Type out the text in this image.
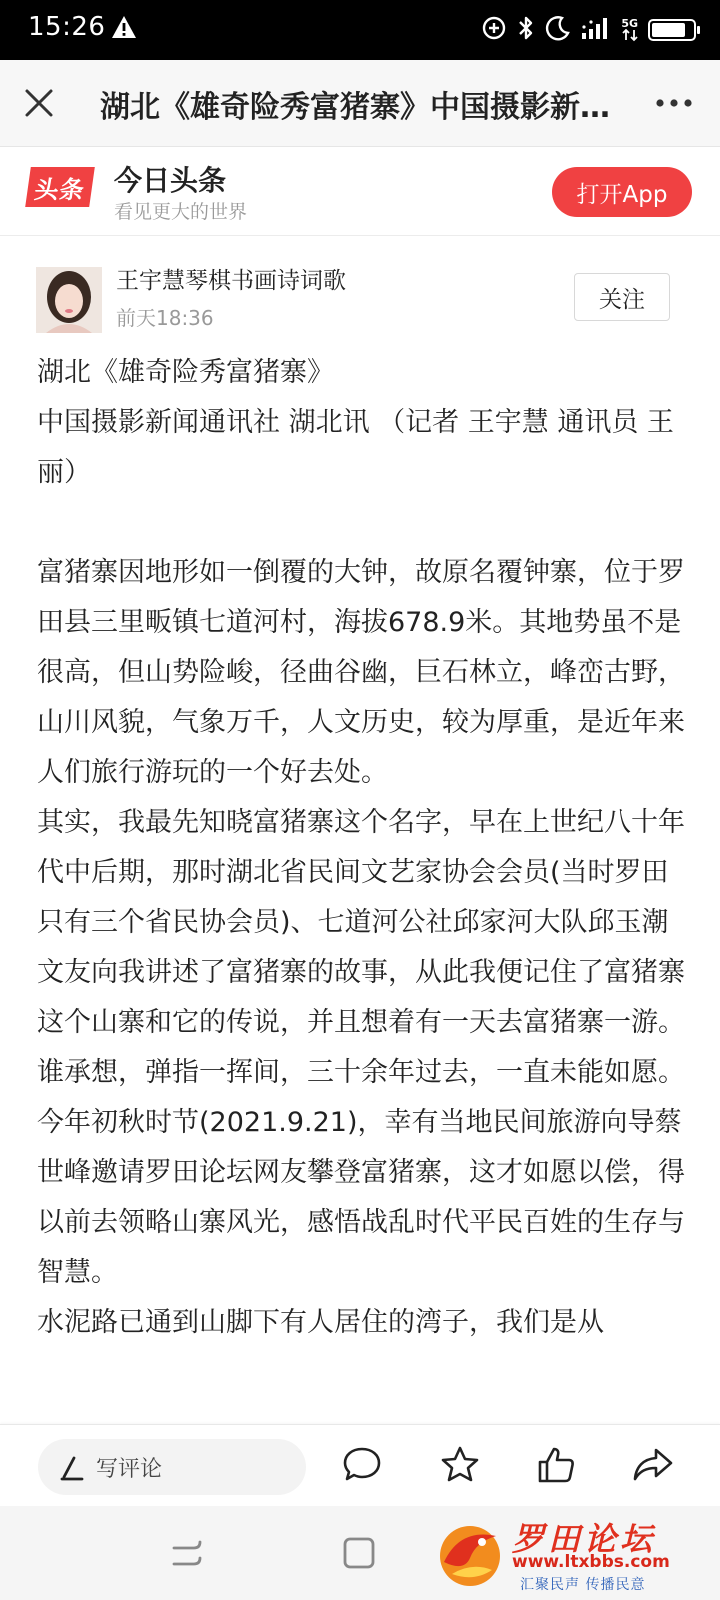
15:26	5G

湖北《雄奇险秀富猪寨》中国摄影新…
头条 今日头条
看见更大的世界
打开App
王宇慧琴棋书画诗词歌
前天18:36
关注

湖北《雄奇险秀富猪寨》

中国摄影新闻通讯社 湖北讯 （记者 王宇慧 通讯员 王丽）

富猪寨因地形如一倒覆的大钟，故原名覆钟寨，位于罗田县三里畈镇七道河村，海拔678.9米。其地势虽不是很高，但山势险峻，径曲谷幽，巨石林立，峰峦古野，山川风貌，气象万千，人文历史，较为厚重，是近年来人们旅行游玩的一个好去处。

其实，我最先知晓富猪寨这个名字，早在上世纪八十年代中后期，那时湖北省民间文艺家协会会员(当时罗田只有三个省民协会员)、七道河公社邱家河大队邱玉潮文友向我讲述了富猪寨的故事，从此我便记住了富猪寨这个山寨和它的传说，并且想着有一天去富猪寨一游。谁承想，弹指一挥间，三十余年过去，一直未能如愿。 今年初秋时节(2021.9.21)，幸有当地民间旅游向导蔡世峰邀请罗田论坛网友攀登富猪寨，这才如愿以偿，得以前去领略山寨风光，感悟战乱时代平民百姓的生存与智慧。

水泥路已通到山脚下有人居住的湾子，我们是从

写评论
罗田论坛
www.ltxbbs.com
汇聚民声 传播民意
